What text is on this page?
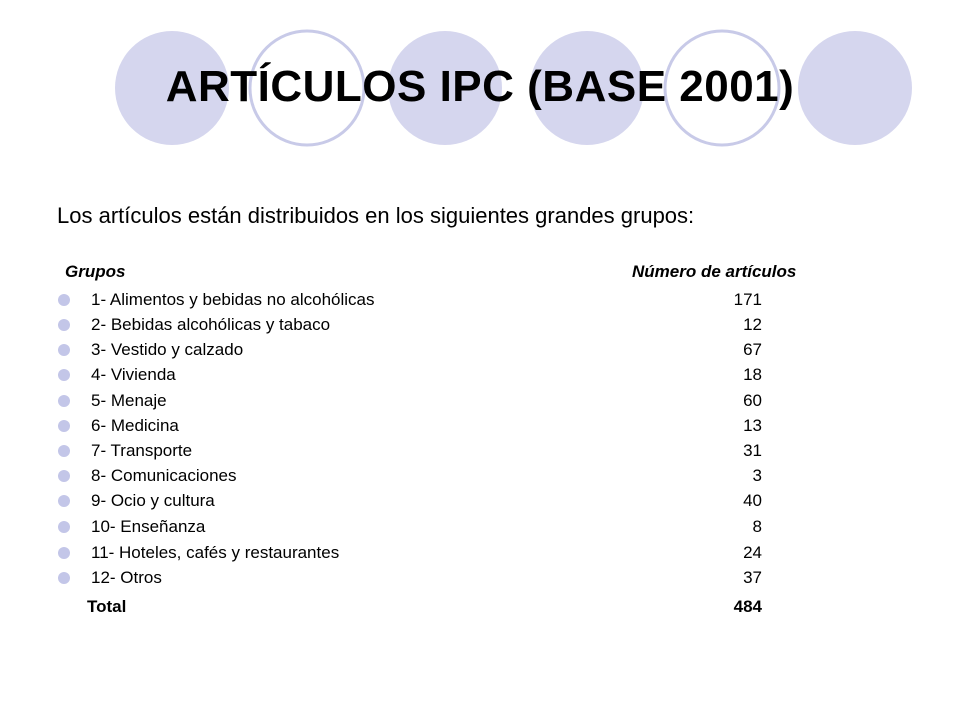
ARTÍCULOS IPC (BASE 2001)
Los artículos están distribuidos en los siguientes grandes grupos:
Grupos	Número de artículos
1- Alimentos y bebidas no alcohólicas	171
2- Bebidas alcohólicas y tabaco	12
3- Vestido y calzado	67
4- Vivienda	18
5- Menaje	60
6- Medicina	13
7- Transporte	31
8- Comunicaciones	3
9- Ocio y cultura	40
10- Enseñanza	8
11- Hoteles, cafés y restaurantes	24
12- Otros	37
Total	484
